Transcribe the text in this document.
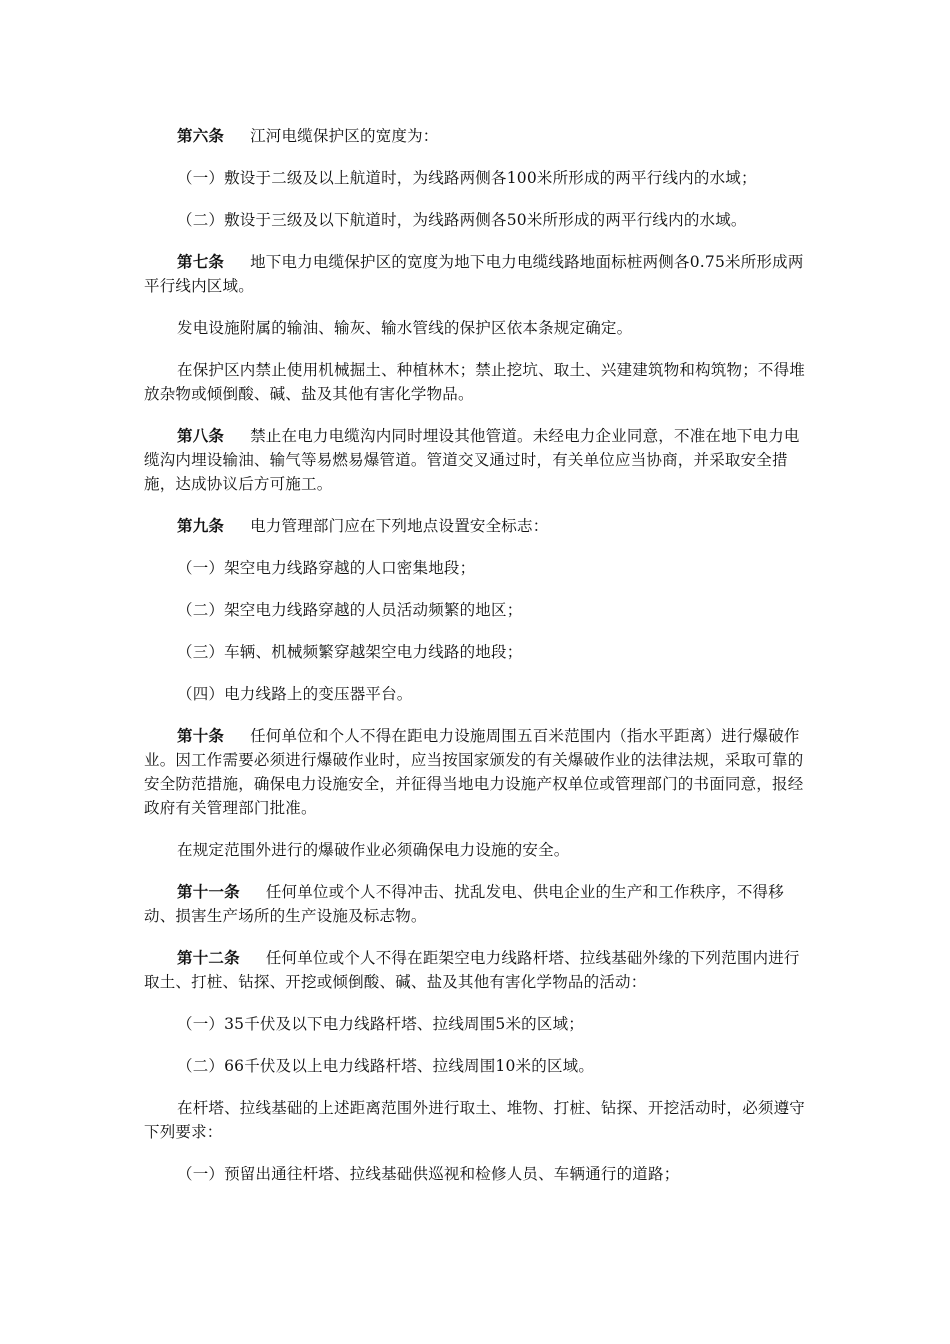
第六条 江河电缆保护区的宽度为：

（一）敷设于二级及以上航道时，为线路两侧各100米所形成的两平行线内的水域；

（二）敷设于三级及以下航道时，为线路两侧各50米所形成的两平行线内的水域。

第七条 地下电力电缆保护区的宽度为地下电力电缆线路地面标桩两侧各0.75米所形成两平行线内区域。

发电设施附属的输油、输灰、输水管线的保护区依本条规定确定。

在保护区内禁止使用机械掘土、种植林木；禁止挖坑、取土、兴建建筑物和构筑物；不得堆放杂物或倾倒酸、碱、盐及其他有害化学物品。

第八条 禁止在电力电缆沟内同时埋设其他管道。未经电力企业同意，不准在地下电力电缆沟内埋设输油、输气等易燃易爆管道。管道交叉通过时，有关单位应当协商，并采取安全措施，达成协议后方可施工。

第九条 电力管理部门应在下列地点设置安全标志：

（一）架空电力线路穿越的人口密集地段；

（二）架空电力线路穿越的人员活动频繁的地区；

（三）车辆、机械频繁穿越架空电力线路的地段；

（四）电力线路上的变压器平台。

第十条 任何单位和个人不得在距电力设施周围五百米范围内（指水平距离）进行爆破作业。因工作需要必须进行爆破作业时，应当按国家颁发的有关爆破作业的法律法规，采取可靠的安全防范措施，确保电力设施安全，并征得当地电力设施产权单位或管理部门的书面同意，报经政府有关管理部门批准。

在规定范围外进行的爆破作业必须确保电力设施的安全。

第十一条 任何单位或个人不得冲击、扰乱发电、供电企业的生产和工作秩序，不得移动、损害生产场所的生产设施及标志物。

第十二条 任何单位或个人不得在距架空电力线路杆塔、拉线基础外缘的下列范围内进行取土、打桩、钻探、开挖或倾倒酸、碱、盐及其他有害化学物品的活动：

（一）35千伏及以下电力线路杆塔、拉线周围5米的区域；

（二）66千伏及以上电力线路杆塔、拉线周围10米的区域。

在杆塔、拉线基础的上述距离范围外进行取土、堆物、打桩、钻探、开挖活动时，必须遵守下列要求：

（一）预留出通往杆塔、拉线基础供巡视和检修人员、车辆通行的道路；
